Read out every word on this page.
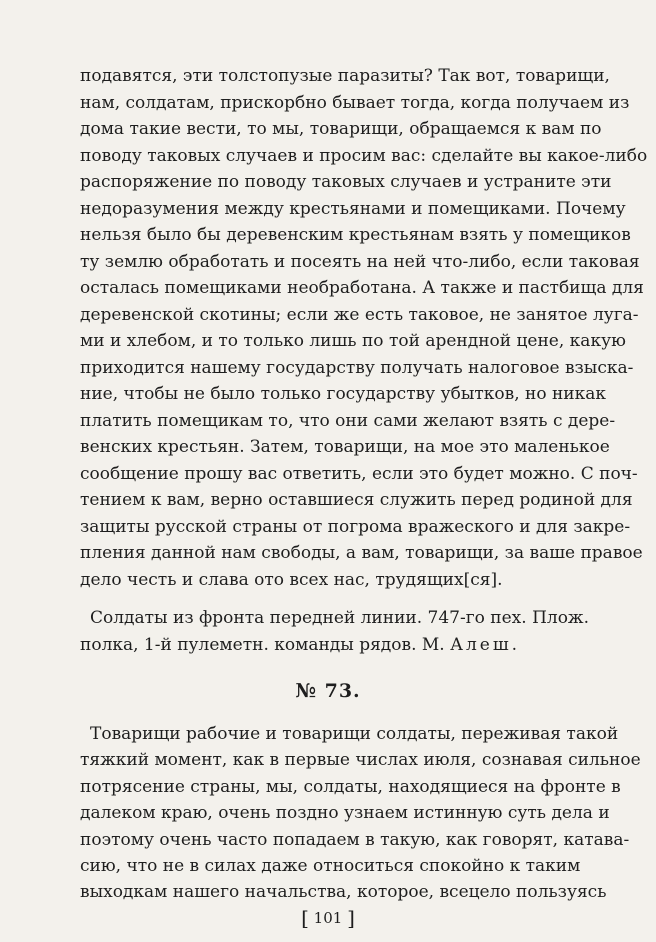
подавятся, эти толстопузые паразиты? Так вот, товарищи,
нам, солдатам, прискорбно бывает тогда, когда получаем из
дома такие вести, то мы, товарищи, обращаемся к вам по
поводу таковых случаев и просим вас: сделайте вы какое-либо
распоряжение по поводу таковых случаев и устраните эти
недоразумения между крестьянами и помещиками. Почему
нельзя было бы деревенским крестьянам взять у помещиков
ту землю обработать и посеять на ней что-либо, если таковая
осталась помещиками необработана. А также и пастбища для
деревенской скотины; если же есть таковое, не занятое луга-
ми и хлебом, и то только лишь по той арендной цене, какую
приходится нашему государству получать налоговое взыска-
ние, чтобы не было только государству убытков, но никак
платить помещикам то, что они сами желают взять с дере-
венских крестьян. Затем, товарищи, на мое это маленькое
сообщение прошу вас ответить, если это будет можно. С поч-
тением к вам, верно оставшиеся служить перед родиной для
защиты русской страны от погрома вражеского и для закре-
пления данной нам свободы, а вам, товарищи, за ваше правое
дело честь и слава ото всех нас, трудящих[ся].
Солдаты из фронта передней линии. 747-го пех. Плож.
полка, 1-й пулеметн. команды рядов. М. Алеш.
№ 73.
Товарищи рабочие и товарищи солдаты, переживая такой
тяжкий момент, как в первые числах июля, сознавая сильное
потрясение страны, мы, солдаты, находящиеся на фронте в
далеком краю, очень поздно узнаем истинную суть дела и
поэтому очень часто попадаем в такую, как говорят, катава-
сию, что не в силах даже относиться спокойно к таким
выходкам нашего начальства, которое, всецело пользуясь
[ 101 ]
